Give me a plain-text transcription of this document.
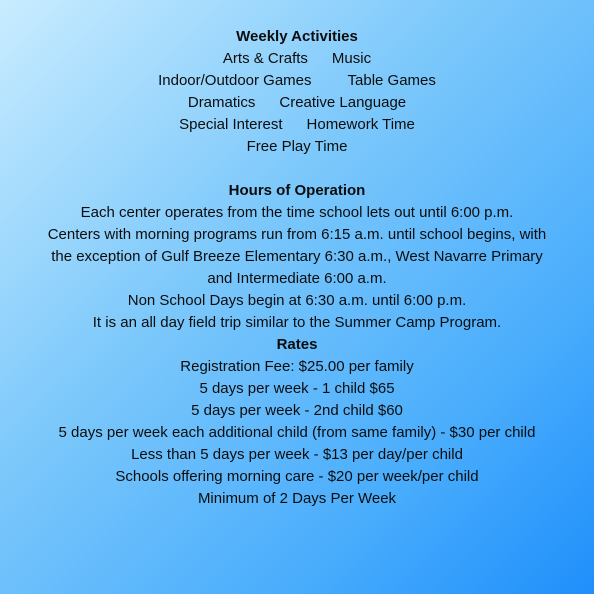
Weekly Activities
Arts & Crafts Music
Indoor/Outdoor Games Table Games
Dramatics Creative Language
Special Interest Homework Time
Free Play Time
Hours of Operation
Each center operates from the time school lets out until 6:00 p.m.
Centers with morning programs run from 6:15 a.m. until school begins, with the exception of Gulf Breeze Elementary 6:30 a.m., West Navarre Primary and Intermediate 6:00 a.m.
Non School Days begin at 6:30 a.m. until 6:00 p.m.
It is an all day field trip similar to the Summer Camp Program.
Rates
Registration Fee: $25.00 per family
5 days per week - 1 child $65
5 days per week - 2nd child $60
5 days per week each additional child (from same family) - $30 per child
Less than 5 days per week - $13 per day/per child
Schools offering morning care - $20 per week/per child
Minimum of 2 Days Per Week
